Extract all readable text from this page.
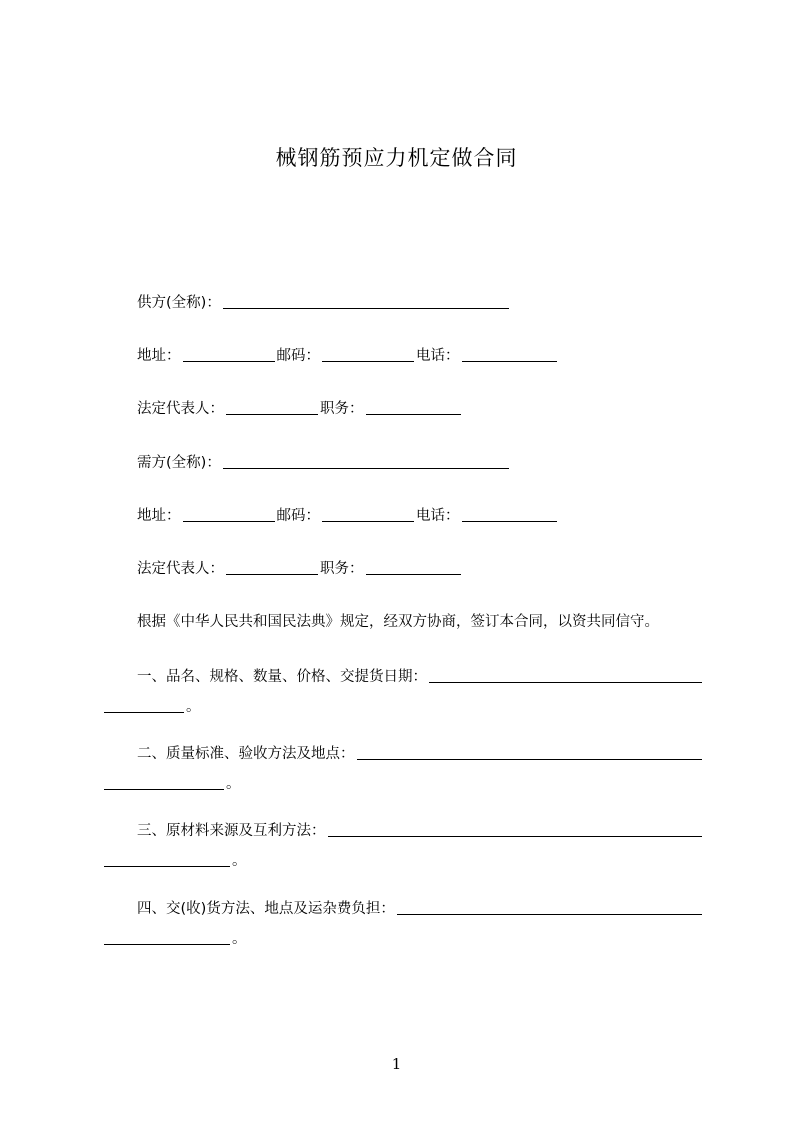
械钢筋预应力机定做合同
供方(全称)：
地址：	邮码：	电话：
法定代表人：	职务：
需方(全称)：
地址：	邮码：	电话：
法定代表人：	职务：
根据《中华人民共和国民法典》规定，经双方协商，签订本合同，以资共同信守。
一、品名、规格、数量、价格、交提货日期：
。
二、质量标准、验收方法及地点：
。
三、原材料来源及互利方法：
。
四、交(收)货方法、地点及运杂费负担：
。
1
